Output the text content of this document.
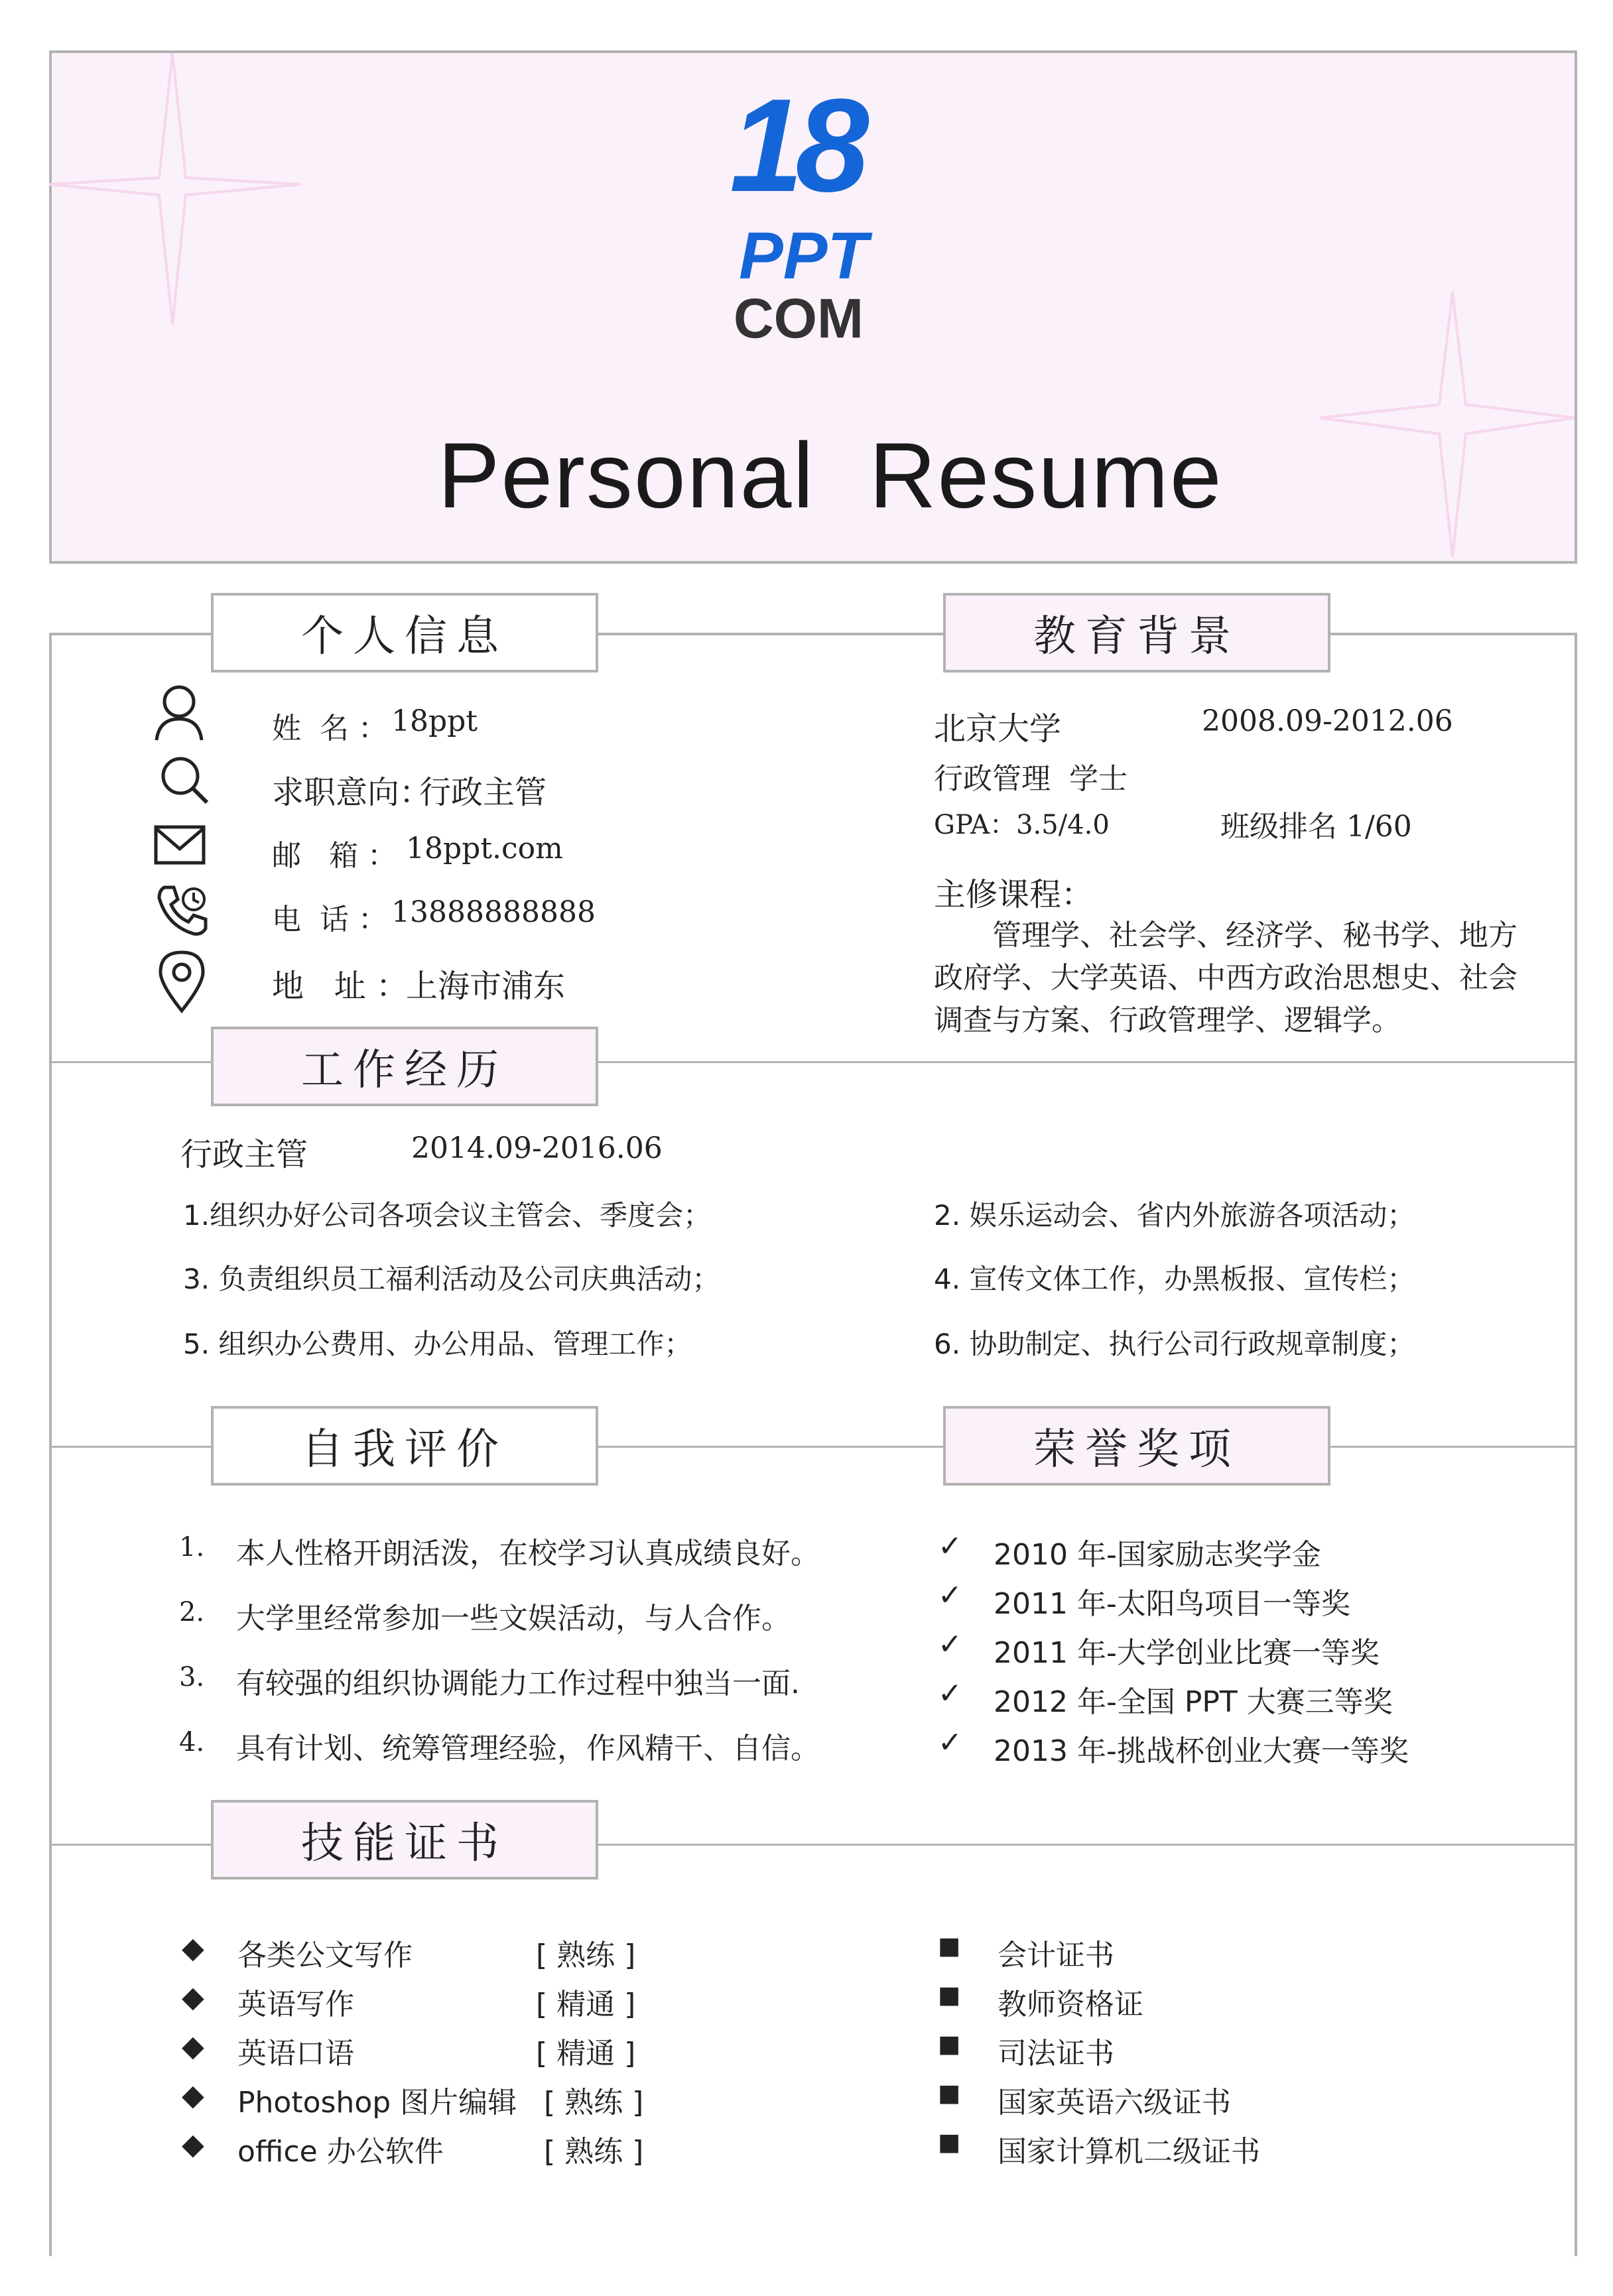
18
PPT
COM
Personal  Resume
个人信息	教育背景
工作经历
自我评价	荣誉奖项
技能证书
姓  名 ： 18ppt
求职意向：
行政主管
邮   箱 ： 18ppt.com
电  话 ： 13888888888
地   址 ：
上海市浦东
北京大学	2008.09-2012.06
行政管理  学士
GPA：3.5/4.0	班级排名 1/60
主修课程：
管理学、社会学、经济学、秘书学、地方
政府学、大学英语、中西方政治思想史、社会
调查与方案、行政管理学、逻辑学。
行政主管	2014.09-2016.06
1.组织办好公司各项会议主管会、季度会；	2. 娱乐运动会、省内外旅游各项活动；
3. 负责组织员工福利活动及公司庆典活动；	4. 宣传文体工作，办黑板报、宣传栏；
5. 组织办公费用、办公用品、管理工作；	6. 协助制定、执行公司行政规章制度；
1. 本人性格开朗活泼，在校学习认真成绩良好。
2. 大学里经常参加一些文娱活动，与人合作。
3. 有较强的组织协调能力工作过程中独当一面.
4. 具有计划、统筹管理经验，作风精干、自信。
✓ 2010 年-国家励志奖学金
✓ 2011 年-太阳鸟项目一等奖
✓ 2011 年-大学创业比赛一等奖
✓ 2012 年-全国 PPT 大赛三等奖
✓ 2013 年-挑战杯创业大赛一等奖
◆ 各类公文写作	[ 熟练 ]
◆ 英语写作	[ 精通 ]
◆ 英语口语	[ 精通 ]
◆ Photoshop 图片编辑 [ 熟练 ]
◆ office 办公软件	[ 熟练 ]
■ 会计证书
■ 教师资格证
■ 司法证书
■ 国家英语六级证书
■ 国家计算机二级证书
